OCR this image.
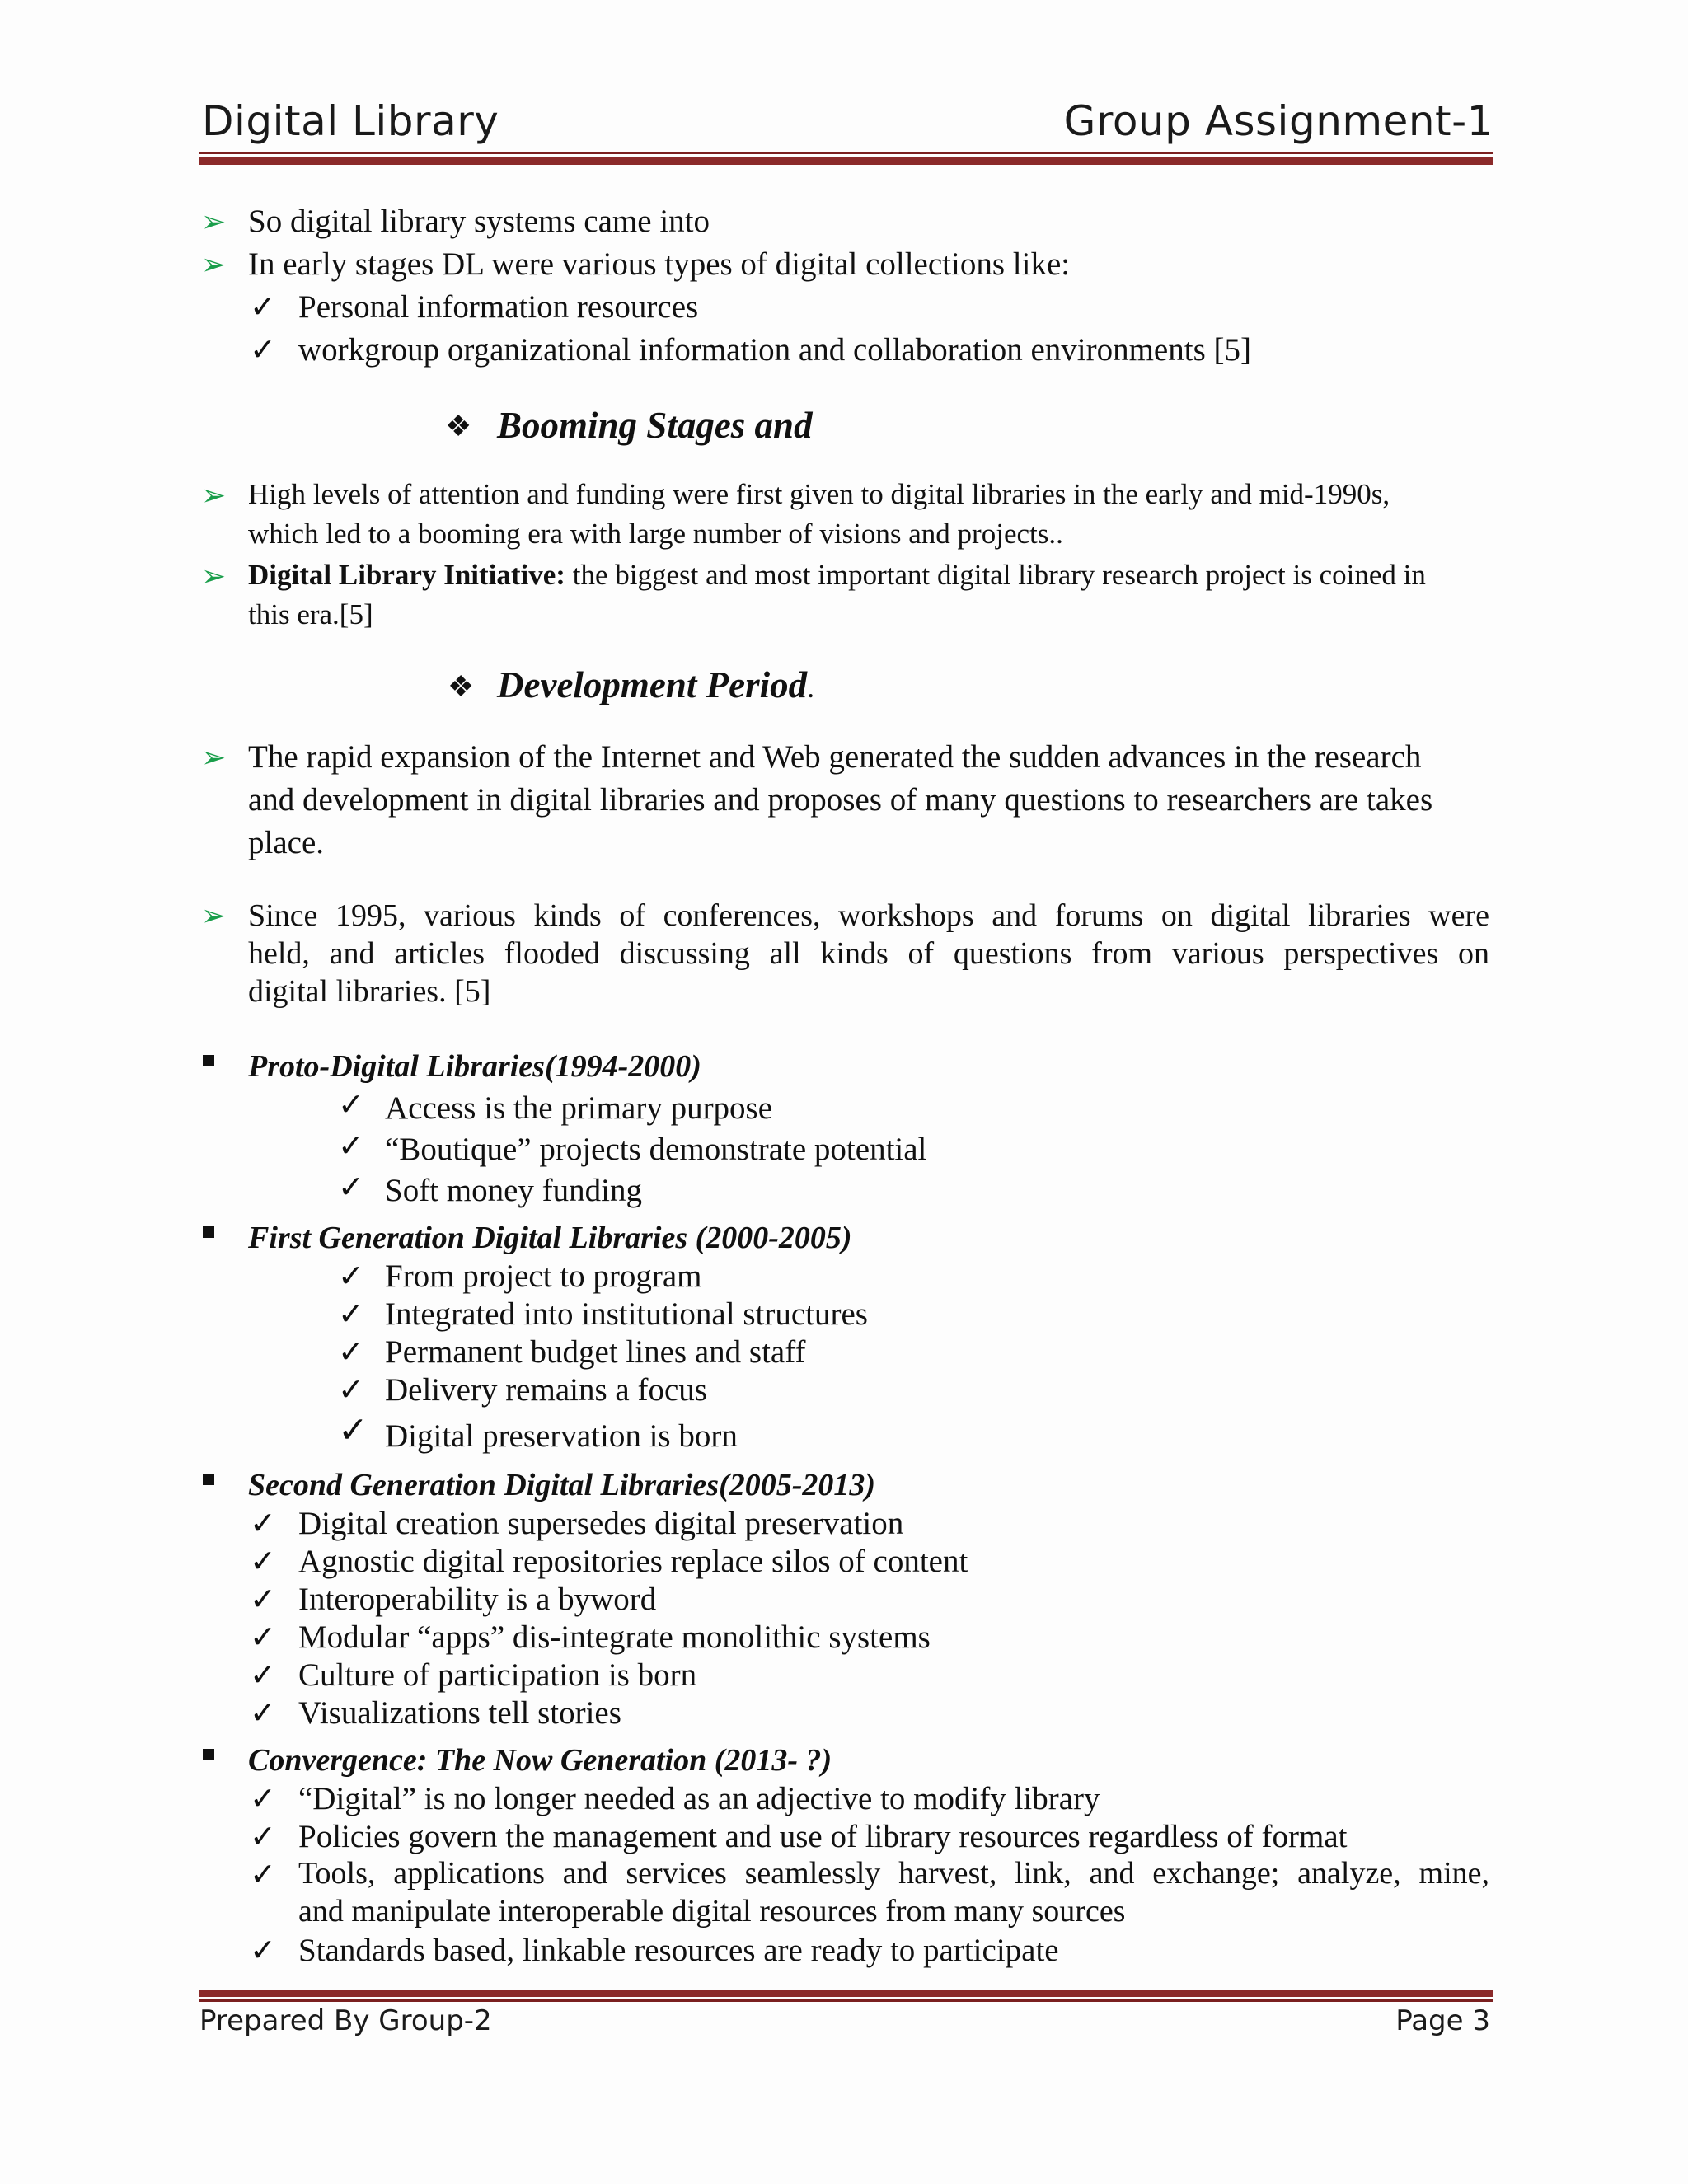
Digital Library	Group Assignment-1
➢ So digital library systems came into
➢ In early stages DL were various types of digital collections like:
✓ Personal information resources
✓ workgroup organizational information and collaboration environments [5]
❖ Booming Stages and
➢ High levels of attention and funding were first given to digital libraries in the early and mid-1990s,
which led to a booming era with large number of visions and projects..
➢ Digital Library Initiative: the biggest and most important digital library research project is coined in
this era.[5]
❖ Development Period.
➢ The rapid expansion of the Internet and Web generated the sudden advances in the research
and development in digital libraries and proposes of many questions to researchers are takes
place.
➢ Since 1995, various kinds of conferences, workshops and forums on digital libraries were
held, and articles flooded discussing all kinds of questions from various perspectives on
digital libraries. [5]
Proto-Digital Libraries(1994-2000)
✓ Access is the primary purpose
✓ “Boutique” projects demonstrate potential
✓ Soft money funding
First Generation Digital Libraries (2000-2005)
✓ From project to program
✓ Integrated into institutional structures
✓ Permanent budget lines and staff
✓ Delivery remains a focus
✓ Digital preservation is born
Second Generation Digital Libraries(2005-2013)
✓ Digital creation supersedes digital preservation
✓ Agnostic digital repositories replace silos of content
✓ Interoperability is a byword
✓ Modular “apps” dis-integrate monolithic systems
✓ Culture of participation is born
✓ Visualizations tell stories
Convergence: The Now Generation (2013- ?)
✓ “Digital” is no longer needed as an adjective to modify library
✓ Policies govern the management and use of library resources regardless of format
✓ Tools, applications and services seamlessly harvest, link, and exchange; analyze, mine,
and manipulate interoperable digital resources from many sources
✓ Standards based, linkable resources are ready to participate
Prepared By Group-2	Page 3
